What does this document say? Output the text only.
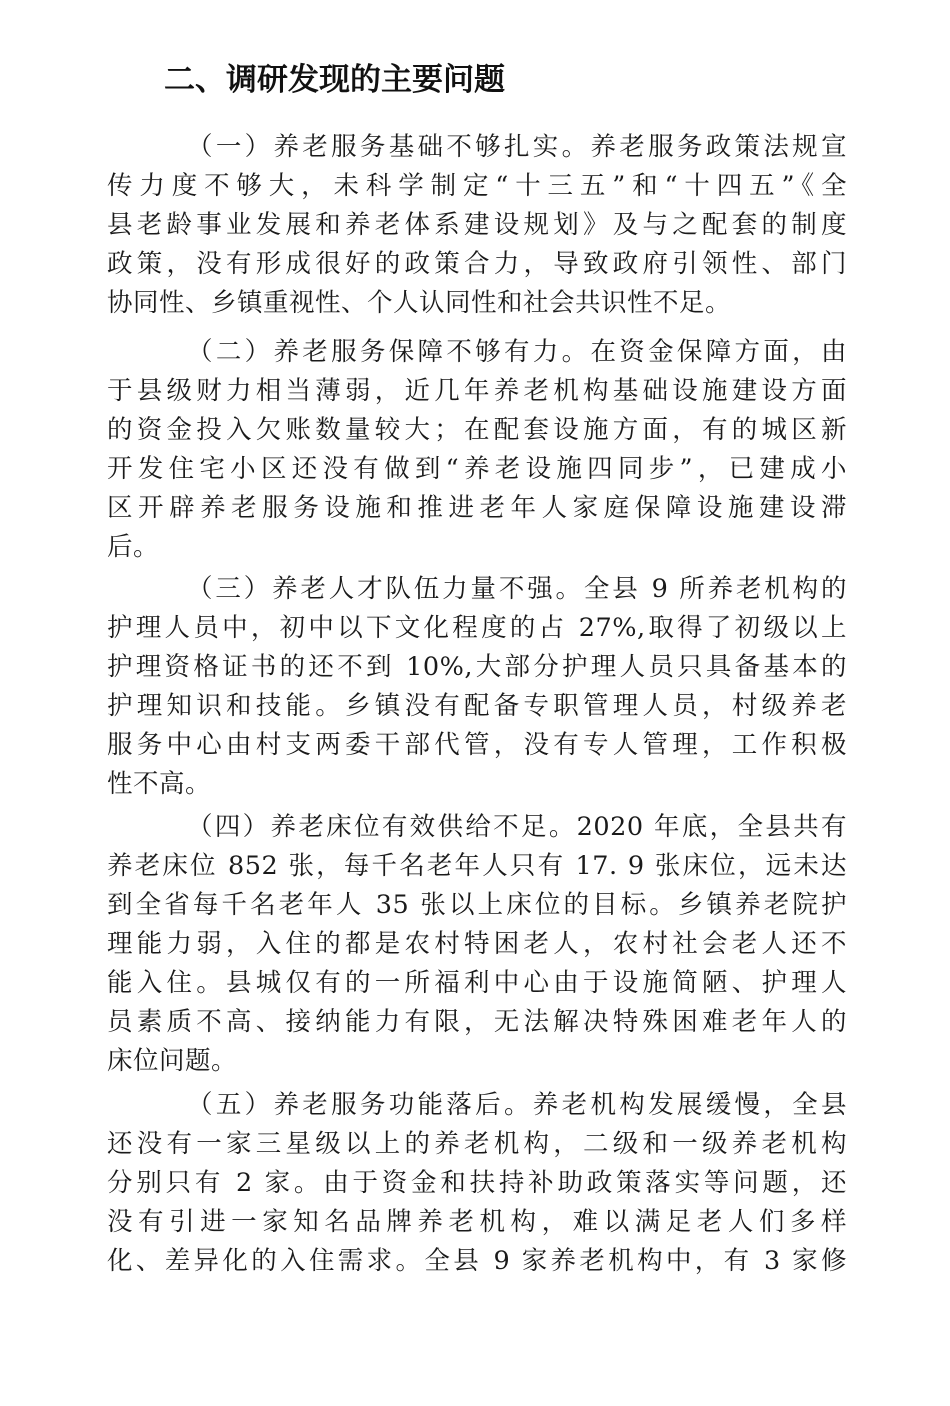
二、调研发现的主要问题
（一）养老服务基础不够扎实。养老服务政策法规宣
传力度不够大，未科学制定“十三五”和“十四五”《全
县老龄事业发展和养老体系建设规划》及与之配套的制度
政策，没有形成很好的政策合力，导致政府引领性、部门
协同性、乡镇重视性、个人认同性和社会共识性不足。
（二）养老服务保障不够有力。在资金保障方面，由
于县级财力相当薄弱，近几年养老机构基础设施建设方面
的资金投入欠账数量较大；在配套设施方面，有的城区新
开发住宅小区还没有做到“养老设施四同步”，已建成小
区开辟养老服务设施和推进老年人家庭保障设施建设滞
后。
（三）养老人才队伍力量不强。全县 9 所养老机构的
护理人员中，初中以下文化程度的占 27%,取得了初级以上
护理资格证书的还不到 10%,大部分护理人员只具备基本的
护理知识和技能。乡镇没有配备专职管理人员，村级养老
服务中心由村支两委干部代管，没有专人管理，工作积极
性不高。
（四）养老床位有效供给不足。2020 年底，全县共有
养老床位 852 张，每千名老年人只有 17. 9 张床位，远未达
到全省每千名老年人 35 张以上床位的目标。乡镇养老院护
理能力弱，入住的都是农村特困老人，农村社会老人还不
能入住。县城仅有的一所福利中心由于设施简陋、护理人
员素质不高、接纳能力有限，无法解决特殊困难老年人的
床位问题。
（五）养老服务功能落后。养老机构发展缓慢，全县
还没有一家三星级以上的养老机构，二级和一级养老机构
分别只有 2 家。由于资金和扶持补助政策落实等问题，还
没有引进一家知名品牌养老机构，难以满足老人们多样
化、差异化的入住需求。全县 9 家养老机构中，有 3 家修
